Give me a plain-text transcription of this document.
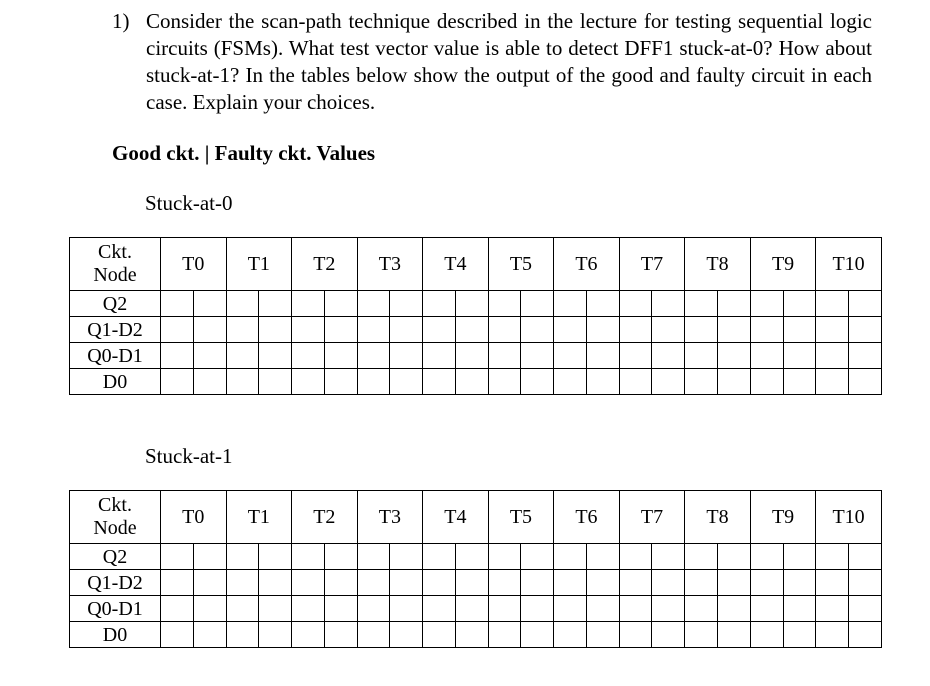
1) Consider the scan-path technique described in the lecture for testing sequential logic circuits (FSMs). What test vector value is able to detect DFF1 stuck-at-0? How about stuck-at-1? In the tables below show the output of the good and faulty circuit in each case. Explain your choices.
Good ckt. | Faulty ckt. Values
Stuck-at-0
Ckt.
Node	T0		T1		T2		T3		T4		T5		T6		T7		T8		T9		T10	
Q2																						
Q1-D2																						
Q0-D1																						
D0																						
Stuck-at-1
Ckt.
Node	T0		T1		T2		T3		T4		T5		T6		T7		T8		T9		T10	
Q2																						
Q1-D2																						
Q0-D1																						
D0																						
